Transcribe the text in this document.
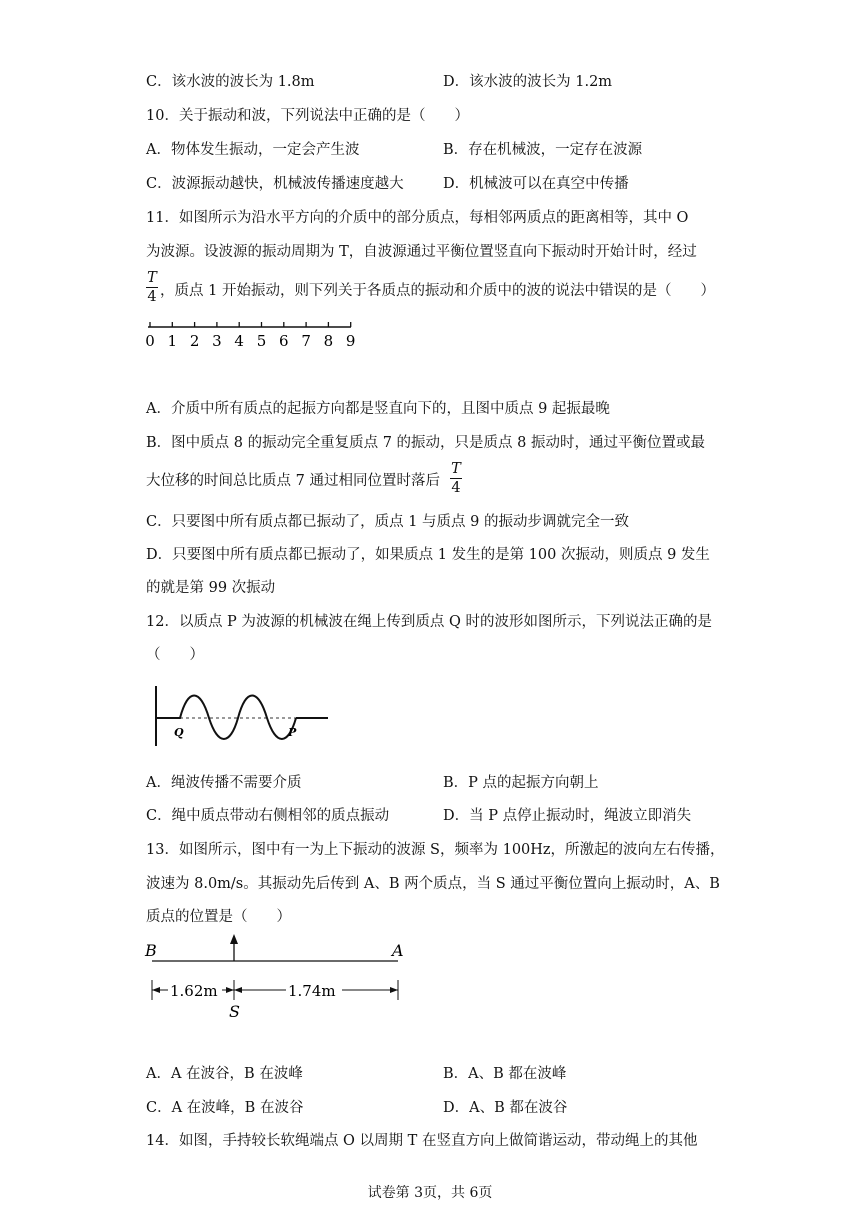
C．该水波的波长为 1.8m	D．该水波的波长为 1.2m
10．关于振动和波，下列说法中正确的是（　　）
A．物体发生振动，一定会产生波	B．存在机械波，一定存在波源
C．波源振动越快，机械波传播速度越大	D．机械波可以在真空中传播
11．如图所示为沿水平方向的介质中的部分质点，每相邻两质点的距离相等，其中 O
为波源。设波源的振动周期为 T，自波源通过平衡位置竖直向下振动时开始计时，经过
T
4 ，质点 1 开始振动，则下列关于各质点的振动和介质中的波的说法中错误的是（　　）
0 1 2 3 4 5 6 7 8 9
A．介质中所有质点的起振方向都是竖直向下的，且图中质点 9 起振最晚
B．图中质点 8 的振动完全重复质点 7 的振动，只是质点 8 振动时，通过平衡位置或最
大位移的时间总比质点 7 通过相同位置时落后
T
4
C．只要图中所有质点都已振动了，质点 1 与质点 9 的振动步调就完全一致
D．只要图中所有质点都已振动了，如果质点 1 发生的是第 100 次振动，则质点 9 发生
的就是第 99 次振动
12．以质点 P 为波源的机械波在绳上传到质点 Q 时的波形如图所示，下列说法正确的是
（　　）
Q	P
A．绳波传播不需要介质	B．P 点的起振方向朝上
C．绳中质点带动右侧相邻的质点振动	D．当 P 点停止振动时，绳波立即消失
13．如图所示，图中有一为上下振动的波源 S，频率为 100Hz，所激起的波向左右传播，
波速为 8.0m/s。其振动先后传到 A、B 两个质点，当 S 通过平衡位置向上振动时，A、B
质点的位置是（　　）
B	A
1.62m	1.74m
S
A．A 在波谷，B 在波峰	B．A、B 都在波峰
C．A 在波峰，B 在波谷	D．A、B 都在波谷
14．如图，手持较长软绳端点 O 以周期 T 在竖直方向上做简谐运动，带动绳上的其他
试卷第 3页，共 6页
